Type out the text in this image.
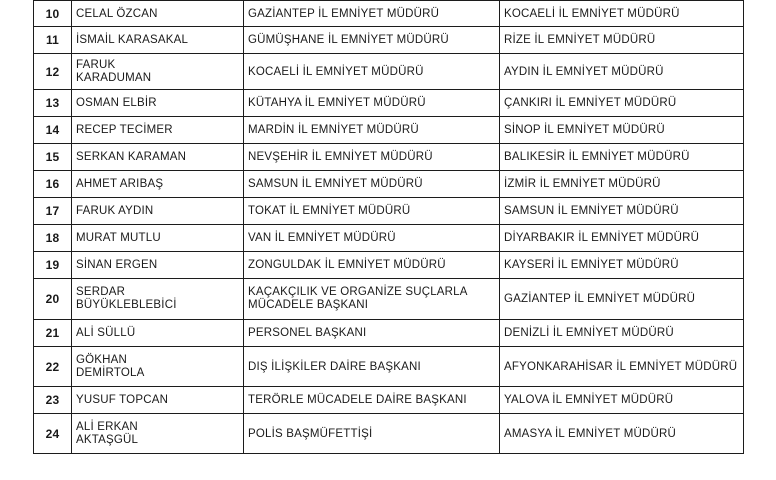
10	CELAL ÖZCAN	GAZİANTEP İL EMNİYET MÜDÜRÜ	KOCAELİ İL EMNİYET MÜDÜRÜ
11	İSMAİL KARASAKAL	GÜMÜŞHANE İL EMNİYET MÜDÜRÜ	RİZE İL EMNİYET MÜDÜRÜ
12	FARUK KARADUMAN	KOCAELİ İL EMNİYET MÜDÜRÜ	AYDIN İL EMNİYET MÜDÜRÜ
13	OSMAN ELBİR	KÜTAHYA İL EMNİYET MÜDÜRÜ	ÇANKIRI İL EMNİYET MÜDÜRÜ
14	RECEP TECİMER	MARDİN İL EMNİYET MÜDÜRÜ	SİNOP İL EMNİYET MÜDÜRÜ
15	SERKAN KARAMAN	NEVŞEHİR İL EMNİYET MÜDÜRÜ	BALIKESİR İL EMNİYET MÜDÜRÜ
16	AHMET ARIBAŞ	SAMSUN İL EMNİYET MÜDÜRÜ	İZMİR İL EMNİYET MÜDÜRÜ
17	FARUK AYDIN	TOKAT İL EMNİYET MÜDÜRÜ	SAMSUN İL EMNİYET MÜDÜRÜ
18	MURAT MUTLU	VAN İL EMNİYET MÜDÜRÜ	DİYARBAKIR İL EMNİYET MÜDÜRÜ
19	SİNAN ERGEN	ZONGULDAK İL EMNİYET MÜDÜRÜ	KAYSERİ İL EMNİYET MÜDÜRÜ
20	SERDAR BÜYÜKLEBLEBİCİ	KAÇAKÇILIK VE ORGANİZE SUÇLARLA MÜCADELE BAŞKANI	GAZİANTEP İL EMNİYET MÜDÜRÜ
21	ALİ SÜLLÜ	PERSONEL BAŞKANI	DENİZLİ İL EMNİYET MÜDÜRÜ
22	GÖKHAN DEMİRTOLA	DIŞ İLİŞKİLER DAİRE BAŞKANI	AFYONKARAHİSAR İL EMNİYET MÜDÜRÜ
23	YUSUF TOPCAN	TERÖRLE MÜCADELE DAİRE BAŞKANI	YALOVA İL EMNİYET MÜDÜRÜ
24	ALİ ERKAN AKTAŞGÜL	POLİS BAŞMÜFETTİŞİ	AMASYA İL EMNİYET MÜDÜRÜ
